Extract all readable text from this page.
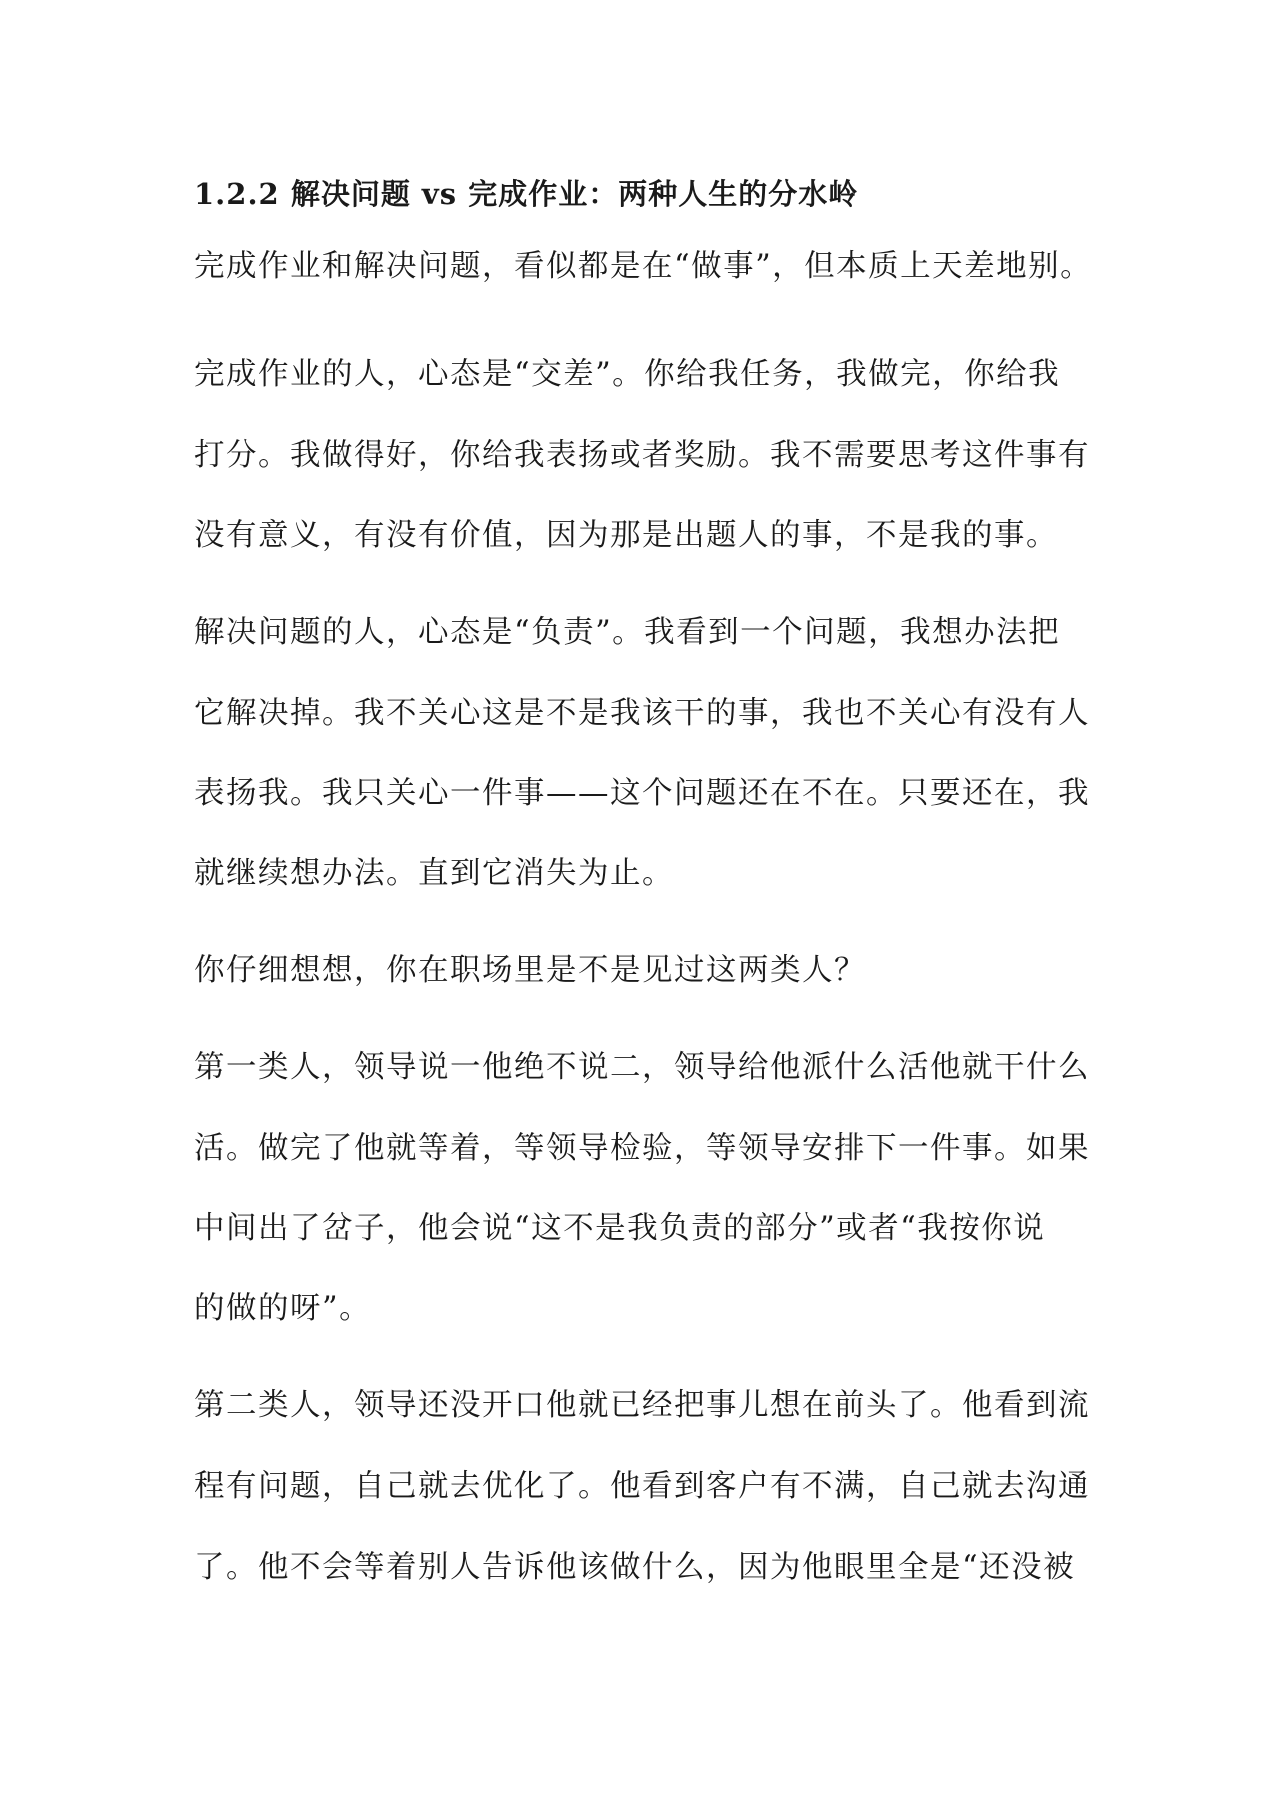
1.2.2 解决问题 vs 完成作业：两种人生的分水岭

完成作业和解决问题，看似都是在“做事”，但本质上天差地别。

完成作业的人，心态是“交差”。你给我任务，我做完，你给我

打分。我做得好，你给我表扬或者奖励。我不需要思考这件事有

没有意义，有没有价值，因为那是出题人的事，不是我的事。

解决问题的人，心态是“负责”。我看到一个问题，我想办法把

它解决掉。我不关心这是不是我该干的事，我也不关心有没有人

表扬我。我只关心一件事——这个问题还在不在。只要还在，我

就继续想办法。直到它消失为止。

你仔细想想，你在职场里是不是见过这两类人？

第一类人，领导说一他绝不说二，领导给他派什么活他就干什么

活。做完了他就等着，等领导检验，等领导安排下一件事。如果

中间出了岔子，他会说“这不是我负责的部分”或者“我按你说

的做的呀”。

第二类人，领导还没开口他就已经把事儿想在前头了。他看到流

程有问题，自己就去优化了。他看到客户有不满，自己就去沟通

了。他不会等着别人告诉他该做什么，因为他眼里全是“还没被
